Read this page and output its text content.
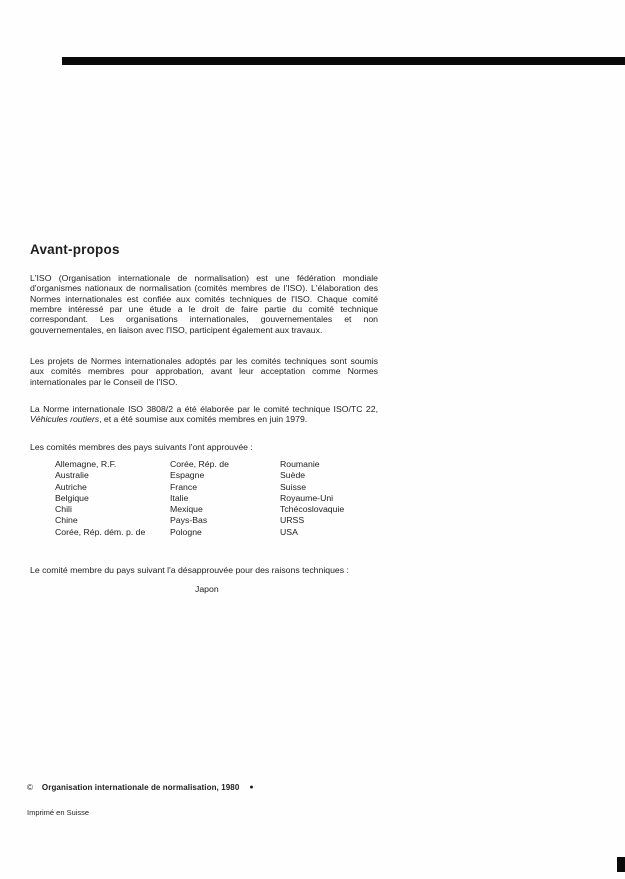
Avant-propos

L'ISO (Organisation internationale de normalisation) est une fédération mondiale d'organismes nationaux de normalisation (comités membres de l'ISO). L'élaboration des Normes internationales est confiée aux comités techniques de l'ISO. Chaque comité membre intéressé par une étude a le droit de faire partie du comité technique correspondant. Les organisations internationales, gouvernementales et non gouvernementales, en liaison avec l'ISO, participent également aux travaux.

Les projets de Normes internationales adoptés par les comités techniques sont soumis aux comités membres pour approbation, avant leur acceptation comme Normes internationales par le Conseil de l'ISO.

La Norme internationale ISO 3808/2 a été élaborée par le comité technique ISO/TC 22, Véhicules routiers, et a été soumise aux comités membres en juin 1979.

Les comités membres des pays suivants l'ont approuvée :

Allemagne, R.F.
Australie
Autriche
Belgique
Chili
Chine
Corée, Rép. dém. p. de
Corée, Rép. de
Espagne
France
Italie
Mexique
Pays-Bas
Pologne
Roumanie
Suède
Suisse
Royaume-Uni
Tchécoslovaquie
URSS
USA

Le comité membre du pays suivant l'a désapprouvée pour des raisons techniques :

Japon
© Organisation internationale de normalisation, 1980 ●
Imprimé en Suisse
